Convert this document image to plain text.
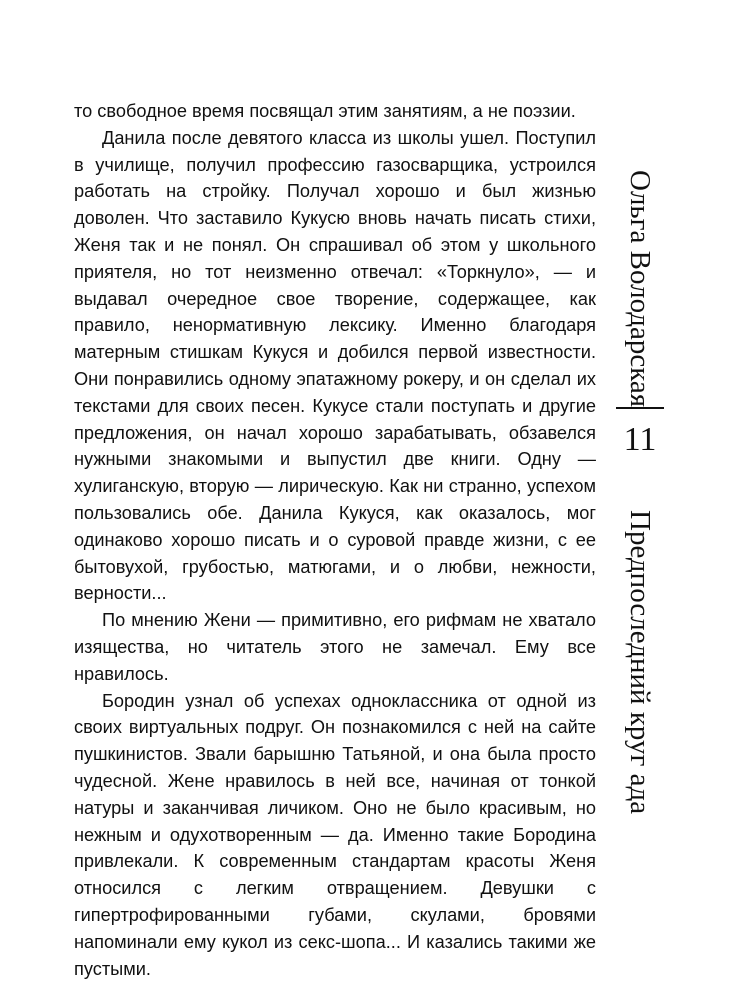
то свободное время посвящал этим занятиям, а не поэзии.

Данила после девятого класса из школы ушел. Поступил в училище, получил профессию газосварщика, устроился работать на стройку. Получал хорошо и был жизнью доволен. Что заставило Кукусю вновь начать писать стихи, Женя так и не понял. Он спрашивал об этом у школьного приятеля, но тот неизменно отвечал: «Торкнуло», — и выдавал очередное свое творение, содержащее, как правило, ненормативную лексику. Именно благодаря матерным стишкам Кукуся и добился первой известности. Они понравились одному эпатажному рокеру, и он сделал их текстами для своих песен. Кукусе стали поступать и другие предложения, он начал хорошо зарабатывать, обзавелся нужными знакомыми и выпустил две книги. Одну — хулиганскую, вторую — лирическую. Как ни странно, успехом пользовались обе. Данила Кукуся, как оказалось, мог одинаково хорошо писать и о суровой правде жизни, с ее бытовухой, грубостью, матюгами, и о любви, нежности, верности...

По мнению Жени — примитивно, его рифмам не хватало изящества, но читатель этого не замечал. Ему все нравилось.

Бородин узнал об успехах одноклассника от одной из своих виртуальных подруг. Он познакомился с ней на сайте пушкинистов. Звали барышню Татьяной, и она была просто чудесной. Жене нравилось в ней все, начиная от тонкой натуры и заканчивая личиком. Оно не было красивым, но нежным и одухотворенным — да. Именно такие Бородина привлекали. К современным стандартам красоты Женя относился с легким отвращением. Девушки с гипертрофированными губами, скулами, бровями напоминали ему кукол из секс-шопа... И казались такими же пустыми.

Ольга Володарская
11
Предпоследний круг ада
